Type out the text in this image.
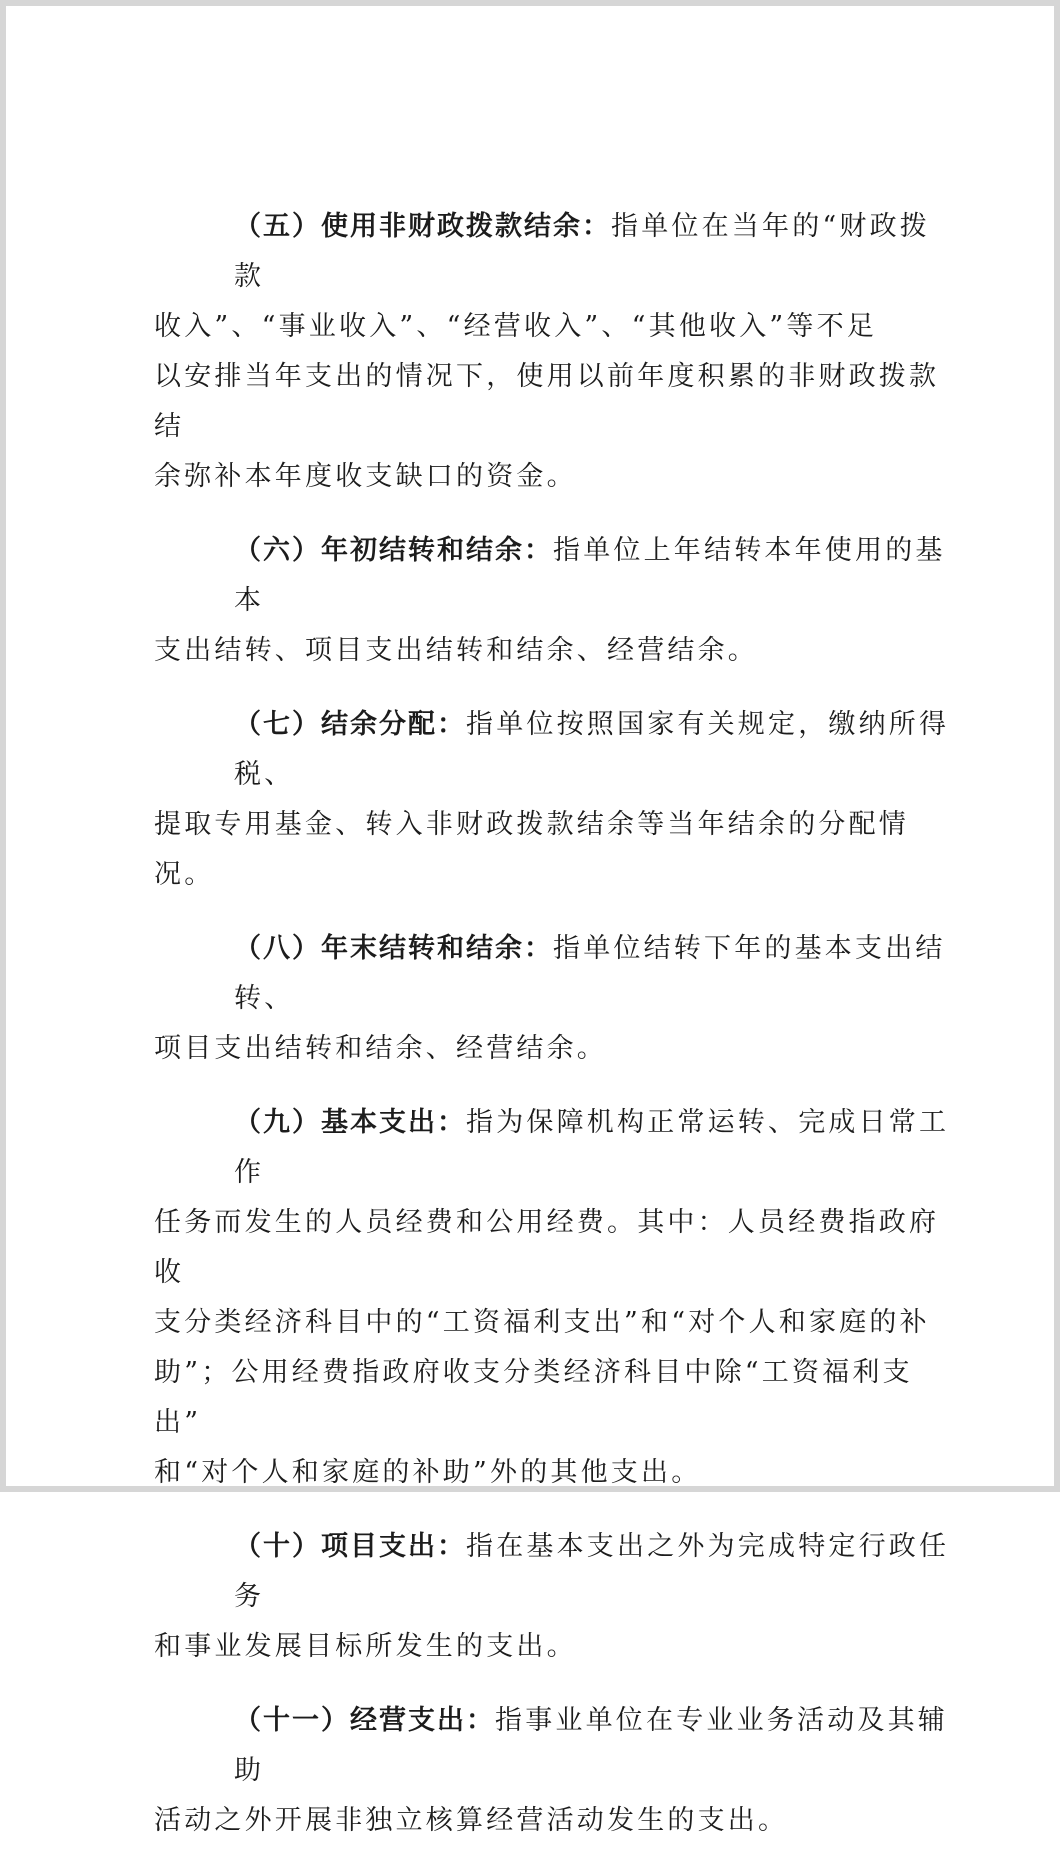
（五）使用非财政拨款结余：指单位在当年的“财政拨款
收入”、“事业收入”、“经营收入”、“其他收入”等不足
以安排当年支出的情况下，使用以前年度积累的非财政拨款结
余弥补本年度收支缺口的资金。
（六）年初结转和结余：指单位上年结转本年使用的基本
支出结转、项目支出结转和结余、经营结余。
（七）结余分配：指单位按照国家有关规定，缴纳所得税、
提取专用基金、转入非财政拨款结余等当年结余的分配情况。
（八）年末结转和结余：指单位结转下年的基本支出结转、
项目支出结转和结余、经营结余。
（九）基本支出：指为保障机构正常运转、完成日常工作
任务而发生的人员经费和公用经费。其中：人员经费指政府收
支分类经济科目中的“工资福利支出”和“对个人和家庭的补
助”；公用经费指政府收支分类经济科目中除“工资福利支出”
和“对个人和家庭的补助”外的其他支出。
（十）项目支出：指在基本支出之外为完成特定行政任务
和事业发展目标所发生的支出。
（十一）经营支出：指事业单位在专业业务活动及其辅助
活动之外开展非独立核算经营活动发生的支出。
